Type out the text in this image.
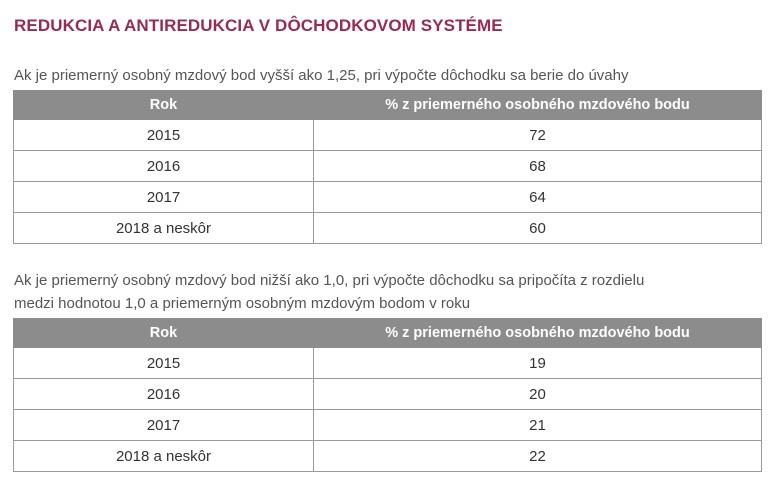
REDUKCIA A ANTIREDUKCIA V DÔCHODKOVOM SYSTÉME
Ak je priemerný osobný mzdový bod vyšší ako 1,25, pri výpočte dôchodku sa berie do úvahy
Rok	% z priemerného osobného mzdového bodu
2015	72
2016	68
2017	64
2018 a neskôr	60
Ak je priemerný osobný mzdový bod nižší ako 1,0, pri výpočte dôchodku sa pripočíta z rozdielu
medzi hodnotou 1,0 a priemerným osobným mzdovým bodom v roku
Rok	% z priemerného osobného mzdového bodu
2015	19
2016	20
2017	21
2018 a neskôr	22
